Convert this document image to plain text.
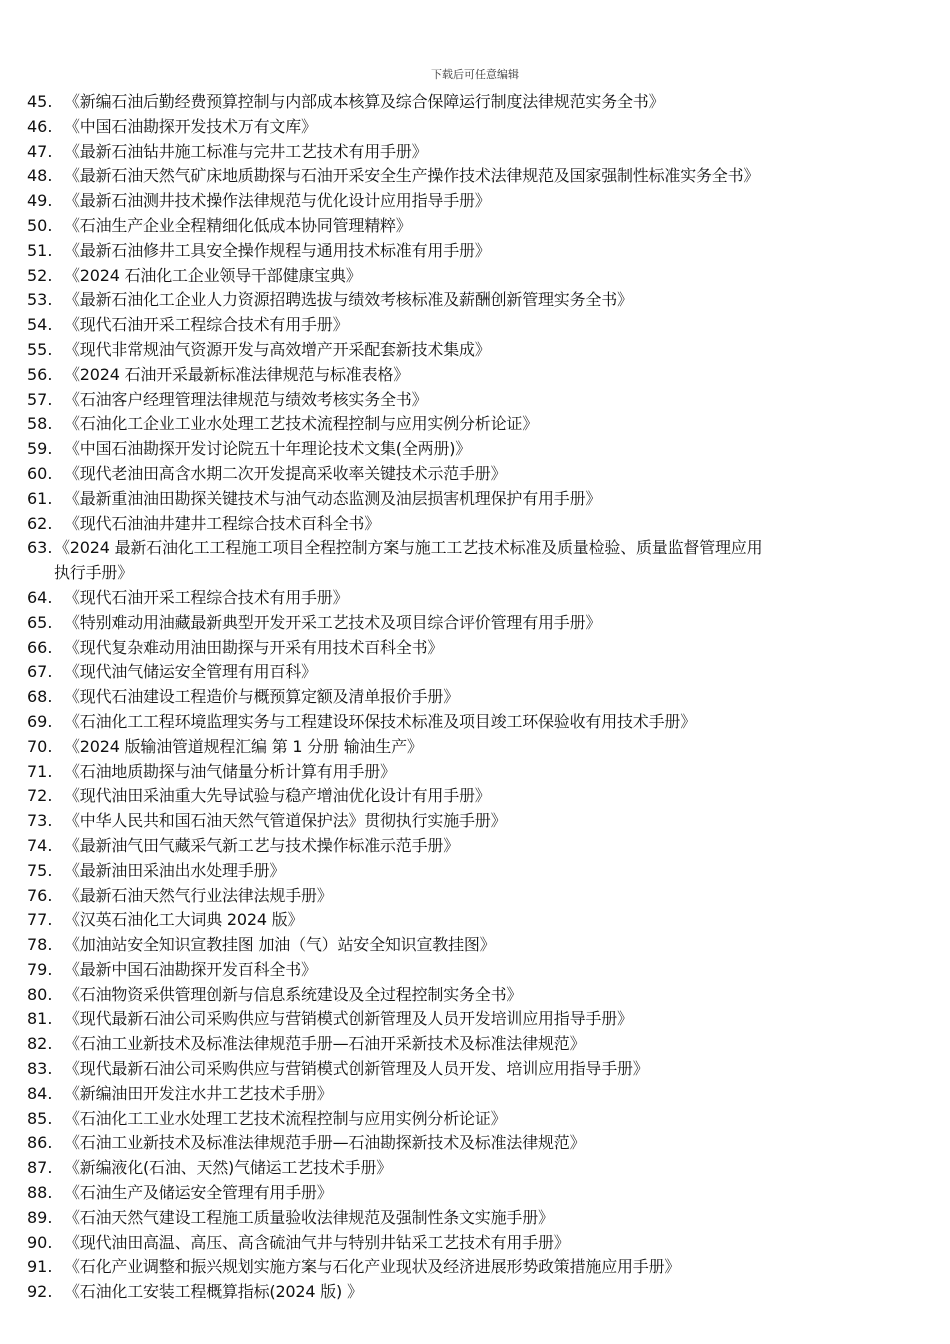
下载后可任意编辑
45. 《新编石油后勤经费预算控制与内部成本核算及综合保障运行制度法律规范实务全书》
46. 《中国石油勘探开发技术万有文库》
47. 《最新石油钻井施工标准与完井工艺技术有用手册》
48. 《最新石油天然气矿床地质勘探与石油开采安全生产操作技术法律规范及国家强制性标准实务全书》
49. 《最新石油测井技术操作法律规范与优化设计应用指导手册》
50. 《石油生产企业全程精细化低成本协同管理精粹》
51. 《最新石油修井工具安全操作规程与通用技术标准有用手册》
52. 《2024 石油化工企业领导干部健康宝典》
53. 《最新石油化工企业人力资源招聘选拔与绩效考核标准及薪酬创新管理实务全书》
54. 《现代石油开采工程综合技术有用手册》
55. 《现代非常规油气资源开发与高效增产开采配套新技术集成》
56. 《2024 石油开采最新标准法律规范与标准表格》
57. 《石油客户经理管理法律规范与绩效考核实务全书》
58. 《石油化工企业工业水处理工艺技术流程控制与应用实例分析论证》
59. 《中国石油勘探开发讨论院五十年理论技术文集(全两册)》
60. 《现代老油田高含水期二次开发提高采收率关键技术示范手册》
61. 《最新重油油田勘探关键技术与油气动态监测及油层损害机理保护有用手册》
62. 《现代石油油井建井工程综合技术百科全书》
63. 《2024 最新石油化工工程施工项目全程控制方案与施工工艺技术标准及质量检验、质量监督管理应用
执行手册》
64. 《现代石油开采工程综合技术有用手册》
65. 《特别难动用油藏最新典型开发开采工艺技术及项目综合评价管理有用手册》
66. 《现代复杂难动用油田勘探与开采有用技术百科全书》
67. 《现代油气储运安全管理有用百科》
68. 《现代石油建设工程造价与概预算定额及清单报价手册》
69. 《石油化工工程环境监理实务与工程建设环保技术标准及项目竣工环保验收有用技术手册》
70. 《2024 版输油管道规程汇编 第 1 分册 输油生产》
71. 《石油地质勘探与油气储量分析计算有用手册》
72. 《现代油田采油重大先导试验与稳产增油优化设计有用手册》
73. 《中华人民共和国石油天然气管道保护法》贯彻执行实施手册》
74. 《最新油气田气藏采气新工艺与技术操作标准示范手册》
75. 《最新油田采油出水处理手册》
76. 《最新石油天然气行业法律法规手册》
77. 《汉英石油化工大词典 2024 版》
78. 《加油站安全知识宣教挂图 加油（气）站安全知识宣教挂图》
79. 《最新中国石油勘探开发百科全书》
80. 《石油物资采供管理创新与信息系统建设及全过程控制实务全书》
81. 《现代最新石油公司采购供应与营销模式创新管理及人员开发培训应用指导手册》
82. 《石油工业新技术及标准法律规范手册—石油开采新技术及标准法律规范》
83. 《现代最新石油公司采购供应与营销模式创新管理及人员开发、培训应用指导手册》
84. 《新编油田开发注水井工艺技术手册》
85. 《石油化工工业水处理工艺技术流程控制与应用实例分析论证》
86. 《石油工业新技术及标准法律规范手册—石油勘探新技术及标准法律规范》
87. 《新编液化(石油、天然)气储运工艺技术手册》
88. 《石油生产及储运安全管理有用手册》
89. 《石油天然气建设工程施工质量验收法律规范及强制性条文实施手册》
90. 《现代油田高温、高压、高含硫油气井与特别井钻采工艺技术有用手册》
91. 《石化产业调整和振兴规划实施方案与石化产业现状及经济进展形势政策措施应用手册》
92. 《石油化工安装工程概算指标(2024 版) 》
